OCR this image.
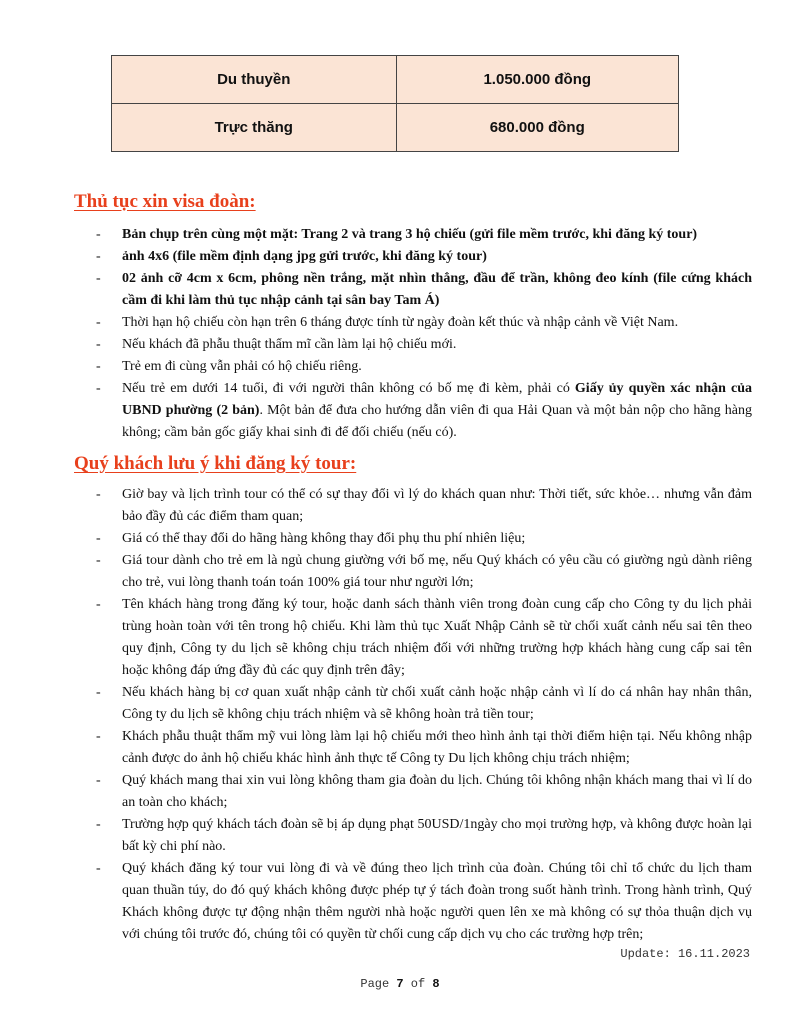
Du thuyền	1.050.000 đồng
Trực thăng	680.000 đồng
Thủ tục xin visa đoàn:
- Bản chụp trên cùng một mặt: Trang 2 và trang 3 hộ chiếu (gửi file mềm trước, khi đăng ký tour)
- ảnh 4x6 (file mềm định dạng jpg gửi trước, khi đăng ký tour)
- 02 ảnh cỡ 4cm x 6cm, phông nền trắng, mặt nhìn thẳng, đầu để trần, không đeo kính (file cứng khách cầm đi khi làm thủ tục nhập cảnh tại sân bay Tam Á)
- Thời hạn hộ chiếu còn hạn trên 6 tháng được tính từ ngày đoàn kết thúc và nhập cảnh về Việt Nam.
- Nếu khách đã phẫu thuật thẩm mĩ cần làm lại hộ chiếu mới.
- Trẻ em đi cùng vẫn phải có hộ chiếu riêng.
- Nếu trẻ em dưới 14 tuổi, đi với người thân không có bố mẹ đi kèm, phải có Giấy ủy quyền xác nhận của UBND phường (2 bản). Một bản để đưa cho hướng dẫn viên đi qua Hải Quan và một bản nộp cho hãng hàng không; cầm bản gốc giấy khai sinh đi để đối chiếu (nếu có).
Quý khách lưu ý khi đăng ký tour:
- Giờ bay và lịch trình tour có thể có sự thay đổi vì lý do khách quan như: Thời tiết, sức khỏe… nhưng vẫn đảm bảo đầy đủ các điểm tham quan;
- Giá có thể thay đổi do hãng hàng không thay đổi phụ thu phí nhiên liệu;
- Giá tour dành cho trẻ em là ngủ chung giường với bố mẹ, nếu Quý khách có yêu cầu có giường ngủ dành riêng cho trẻ, vui lòng thanh toán toán 100% giá tour như người lớn;
- Tên khách hàng trong đăng ký tour, hoặc danh sách thành viên trong đoàn cung cấp cho Công ty du lịch phải trùng hoàn toàn với tên trong hộ chiếu. Khi làm thủ tục Xuất Nhập Cảnh sẽ từ chối xuất cảnh nếu sai tên theo quy định, Công ty du lịch sẽ không chịu trách nhiệm đối với những trường hợp khách hàng cung cấp sai tên hoặc không đáp ứng đầy đủ các quy định trên đây;
- Nếu khách hàng bị cơ quan xuất nhập cảnh từ chối xuất cảnh hoặc nhập cảnh vì lí do cá nhân hay nhân thân, Công ty du lịch sẽ không chịu trách nhiệm và sẽ không hoàn trả tiền tour;
- Khách phẫu thuật thẩm mỹ vui lòng làm lại hộ chiếu mới theo hình ảnh tại thời điểm hiện tại. Nếu không nhập cảnh được do ảnh hộ chiếu khác hình ảnh thực tế Công ty Du lịch không chịu trách nhiệm;
- Quý khách mang thai xin vui lòng không tham gia đoàn du lịch. Chúng tôi không nhận khách mang thai vì lí do an toàn cho khách;
- Trường hợp quý khách tách đoàn sẽ bị áp dụng phạt 50USD/1ngày cho mọi trường hợp, và không được hoàn lại bất kỳ chi phí nào.
- Quý khách đăng ký tour vui lòng đi và về đúng theo lịch trình của đoàn. Chúng tôi chỉ tổ chức du lịch tham quan thuần túy, do đó quý khách không được phép tự ý tách đoàn trong suốt hành trình. Trong hành trình, Quý Khách không được tự động nhận thêm người nhà hoặc người quen lên xe mà không có sự thỏa thuận dịch vụ với chúng tôi trước đó, chúng tôi có quyền từ chối cung cấp dịch vụ cho các trường hợp trên;
Update: 16.11.2023
Page 7 of 8
